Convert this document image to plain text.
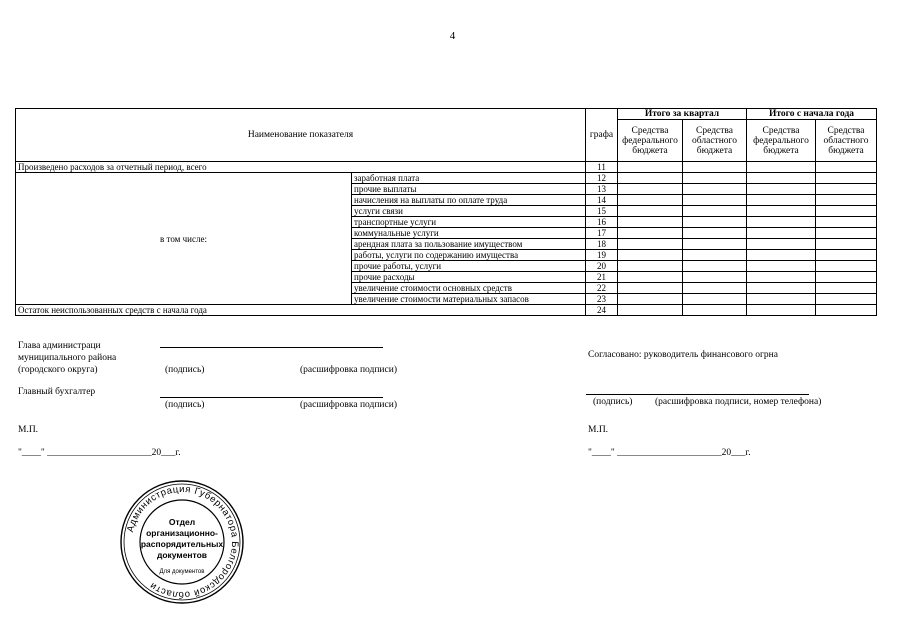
4
Наименование показателя		графа	Итого за квартал		Итого с начала года	
			Средства федерального бюджета	Средства областного бюджета	Средства федерального бюджета	Средства областного бюджета
Произведено расходов за отчетный период, всего		11				
в том числе:	заработная плата	12				
	прочие выплаты	13				
	начисления на выплаты по оплате труда	14				
	услуги связи	15				
	транспортные услуги	16				
	коммунальные услуги	17				
	арендная плата за пользование имуществом	18				
	работы, услуги по содержанию имущества	19				
	прочие работы, услуги	20				
	прочие расходы	21				
	увеличение стоимости основных средств	22				
	увеличение стоимости материальных запасов	23				
Остаток неиспользованных средств с начала года		24				
Глава администраци
муниципального района
(городского округа)	(подпись)	(расшифровка подписи)
Главный бухгалтер
(подпись)	(расшифровка подписи)
М.П.
"____" ______________________20___г.
Согласовано: руководитель финансового огрна
(подпись) (расшифровка подписи, номер телефона)
М.П.
"____" ______________________20___г.
Администрация Губернатора Белгородской области
Отдел
организационно-
распорядительных
документов
Для документов
